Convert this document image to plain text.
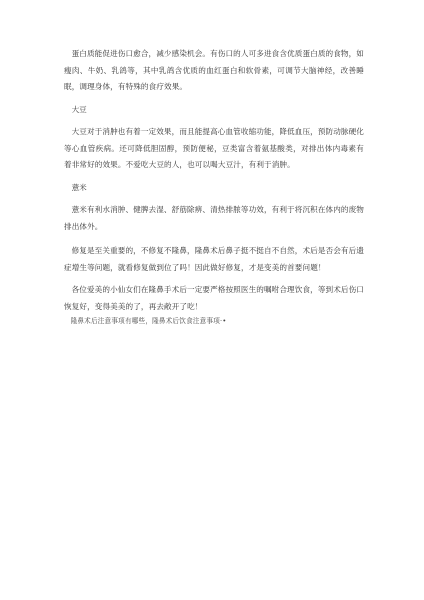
蛋白质能促进伤口愈合，减少感染机会。有伤口的人可多进食含优质蛋白质的食物，如瘦肉、牛奶、乳鸽等，其中乳鸽含优质的血红蛋白和软骨素，可调节大脑神经，改善睡眠，调理身体，有特殊的食疗效果。

大豆

大豆对于消肿也有着一定效果，而且能提高心血管收缩功能，降低血压，预防动脉硬化等心血管疾病。还可降低胆固醇，预防便秘，豆类富含着氨基酸类，对排出体内毒素有着非常好的效果。不爱吃大豆的人，也可以喝大豆汁，有利于消肿。

薏米

薏米有利水消肿、健脾去湿、舒筋除痹、清热排脓等功效，有利于将沉积在体内的废物排出体外。

修复是至关重要的，不修复不隆鼻，隆鼻术后鼻子挺不挺自不自然，术后是否会有后遗症增生等问题，就看修复做到位了吗！因此做好修复，才是变美的首要问题！

各位爱美的小仙女们在隆鼻手术后一定要严格按照医生的嘱咐合理饮食，等到术后伤口恢复好，变得美美的了，再去敞开了吃！

隆鼻术后注意事项有哪些，隆鼻术后饮食注意事项·•
